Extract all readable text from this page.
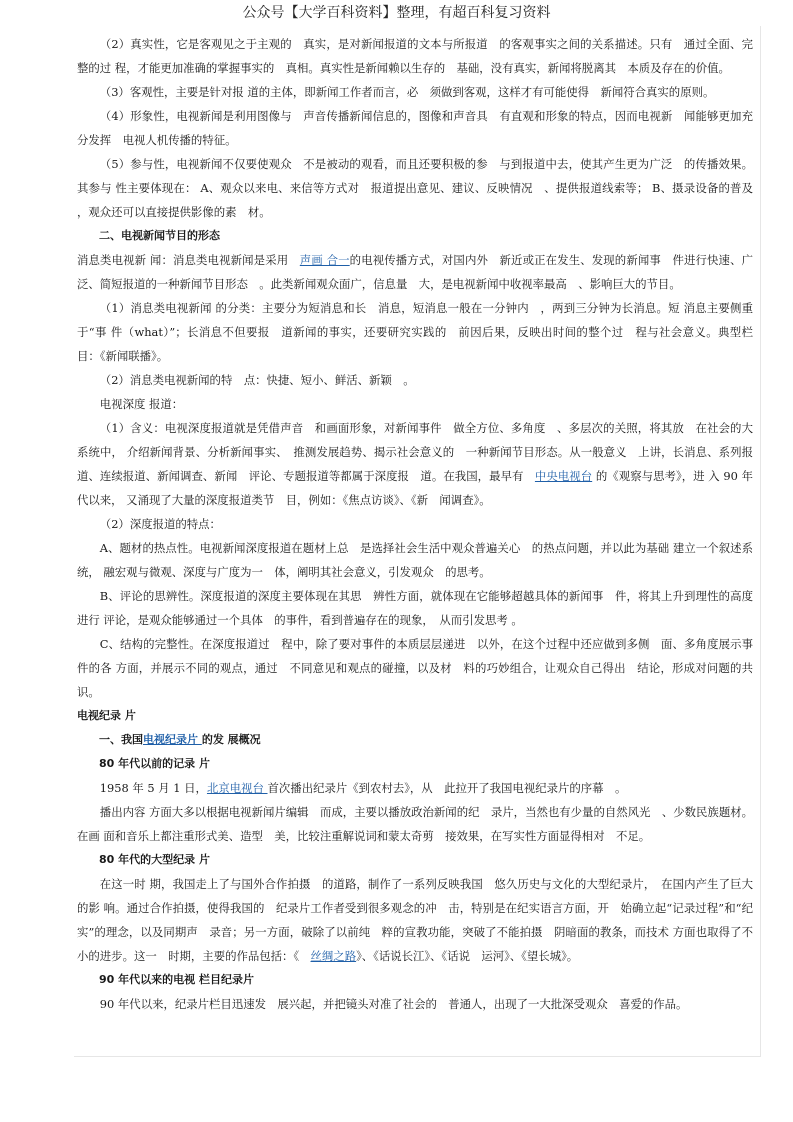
公众号【大学百科资料】整理，有超百科复习资料

（2）真实性，它是客观见之于主观的　真实，是对新闻报道的文本与所报道　的客观事实之间的关系描述。只有　通过全面、完整的过 程，才能更加准确的掌握事实的　真相。真实性是新闻赖以生存的　基础，没有真实，新闻将脱离其　本质及存在的价值。

（3）客观性，主要是针对报 道的主体，即新闻工作者而言，必　须做到客观，这样才有可能使得　新闻符合真实的原则。

（4）形象性，电视新闻是利用图像与　声音传播新闻信息的，图像和声音具　有直观和形象的特点，因而电视新　闻能够更加充分发挥　电视人机传播的特征。

（5）参与性，电视新闻不仅要使观众　不是被动的观看，而且还要积极的参　与到报道中去，使其产生更为广泛　的传播效果。其参与 性主要体现在： A、观众以来电、来信等方式对　报道提出意见、建议、反映情况　、提供报道线索等； B、摄录设备的普及 ，观众还可以直接提供影像的素　材。

二、电视新闻节目的形态

消息类电视新 闻：消息类电视新闻是采用　声画 合一的电视传播方式，对国内外　新近或正在发生、发现的新闻事　件进行快速、广泛、简短报道的一种新闻节目形态　。此类新闻观众面广，信息量　大，是电视新闻中收视率最高　、影响巨大的节目。

（1）消息类电视新闻 的分类：主要分为短消息和长　消息，短消息一般在一分钟内　，两到三分钟为长消息。短 消息主要侧重于“事 件（what）”；长消息不但要报　道新闻的事实，还要研究实践的　前因后果，反映出时间的整个过　程与社会意义。典型栏 目：《新闻联播》。

（2）消息类电视新闻的特　点：快捷、短小、鲜活、新颖　。

电视深度 报道：

（1）含义：电视深度报道就是凭借声音　和画面形象，对新闻事件　做全方位、多角度　、多层次的关照，将其放　在社会的大系统中， 介绍新闻背景、分析新闻事实、　推测发展趋势、揭示社会意义的　一种新闻节目形态。从一般意义　上讲，长消息、系列报 道、连续报道、新闻调查、新闻　评论、专题报道等都属于深度报　道。在我国，最早有　中央电视台 的《观察与思考》，进 入 90 年代以来， 又涌现了大量的深度报道类节　目，例如：《焦点访谈》、《新　闻调查》。

（2）深度报道的特点：

A、题材的热点性。电视新闻深度报道在题材上总　是选择社会生活中观众普遍关心　的热点问题，并以此为基础 建立一个叙述系统， 融宏观与微观、深度与广度为一　体，阐明其社会意义，引发观众　的思考。

B、评论的思辨性。深度报道的深度主要体现在其思　辨性方面，就体现在它能够超越具体的新闻事　件，将其上升到理性的高度进行 评论，是观众能够通过一个具体　的事件，看到普遍存在的现象，　从而引发思考 。

C、结构的完整性。在深度报道过　程中，除了要对事件的本质层层递进　以外，在这个过程中还应做到多侧　面、多角度展示事件的各 方面，并展示不同的观点，通过　不同意见和观点的碰撞，以及材　料的巧妙组合，让观众自己得出　结论，形成对问题的共 识。

电视纪录 片

一、我国电视纪录片 的发 展概况

80 年代以前的记录 片

1958 年 5 月 1 日，北京电视台 首次播出纪录片《到农村去》，从　此拉开了我国电视纪录片的序幕　。

播出内容 方面大多以根据电视新闻片编辑　而成，主要以播放政治新闻的纪　录片，当然也有少量的自然风光　、少数民族题材。在画 面和音乐上都注重形式美、造型　美，比较注重解说词和蒙太奇剪　接效果，在写实性方面显得相对　不足。

80 年代的大型纪录 片

在这一时 期，我国走上了与国外合作拍摄　的道路，制作了一系列反映我国　悠久历史与文化的大型纪录片，　在国内产生了巨大的影 响。通过合作拍摄，使得我国的　纪录片工作者受到很多观念的冲　击，特别是在纪实语言方面，开　始确立起“记录过程”和“纪实”的理念，以及同期声　录音；另一方面，破除了以前纯　粹的宣教功能，突破了不能拍摄　阴暗面的教条，而技术 方面也取得了不小的进步。这一　时期，主要的作品包括：《　丝绸之路》、《话说长江》、《话说　运河》、《望长城》。

90 年代以来的电视 栏目纪录片

90 年代以来，纪录片栏目迅速发　展兴起，并把镜头对准了社会的　普通人，出现了一大批深受观众　喜爱的作品。
